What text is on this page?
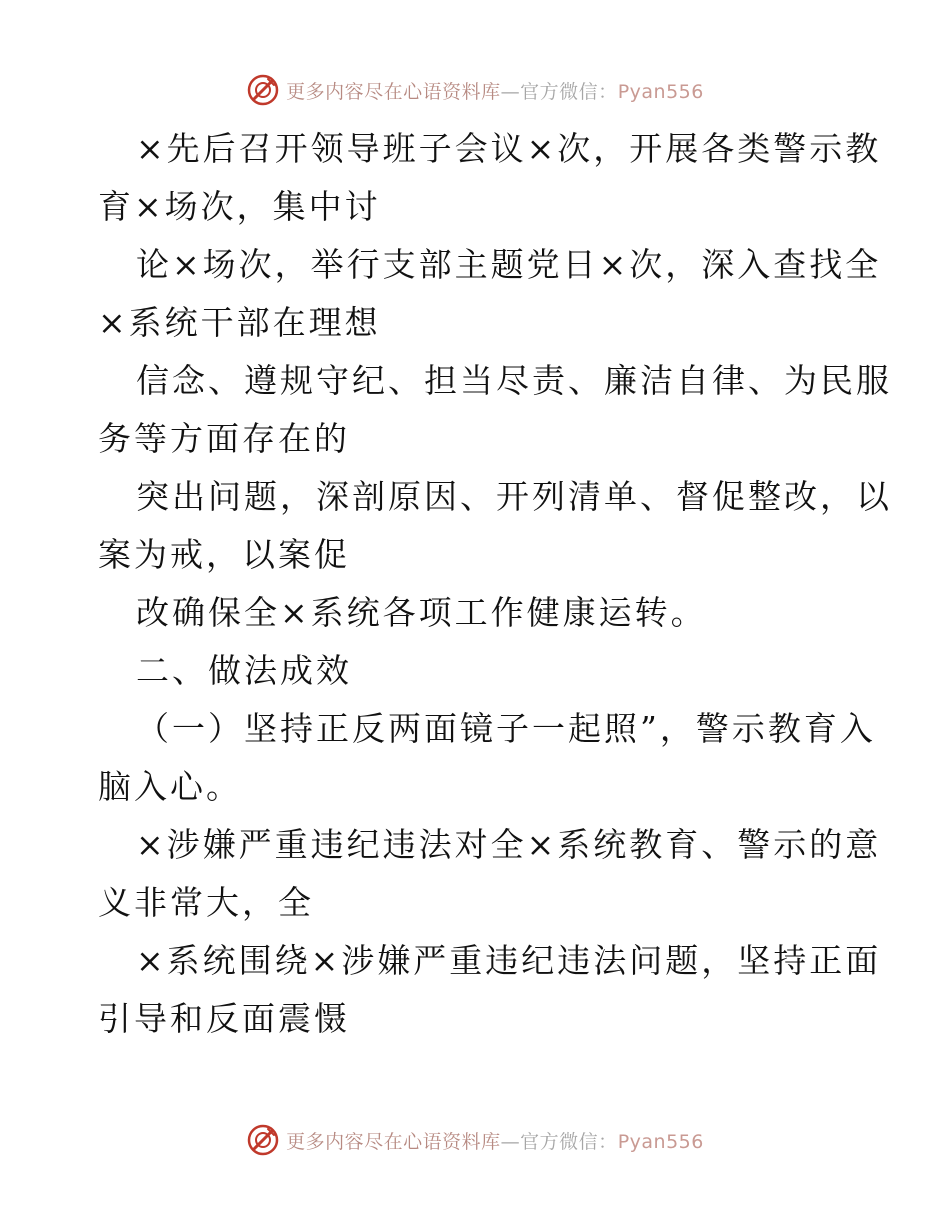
更多内容尽在心语资料库—官方微信：Pyan556
×先后召开领导班子会议×次，开展各类警示教
育×场次，集中讨
论×场次，举行支部主题党日×次，深入查找全
×系统干部在理想
信念、遵规守纪、担当尽责、廉洁自律、为民服
务等方面存在的
突出问题，深剖原因、开列清单、督促整改，以
案为戒，以案促
改确保全×系统各项工作健康运转。
二、做法成效
（一）坚持正反两面镜子一起照”，警示教育入
脑入心。
×涉嫌严重违纪违法对全×系统教育、警示的意
义非常大，全
×系统围绕×涉嫌严重违纪违法问题，坚持正面
引导和反面震慑
更多内容尽在心语资料库—官方微信：Pyan556
